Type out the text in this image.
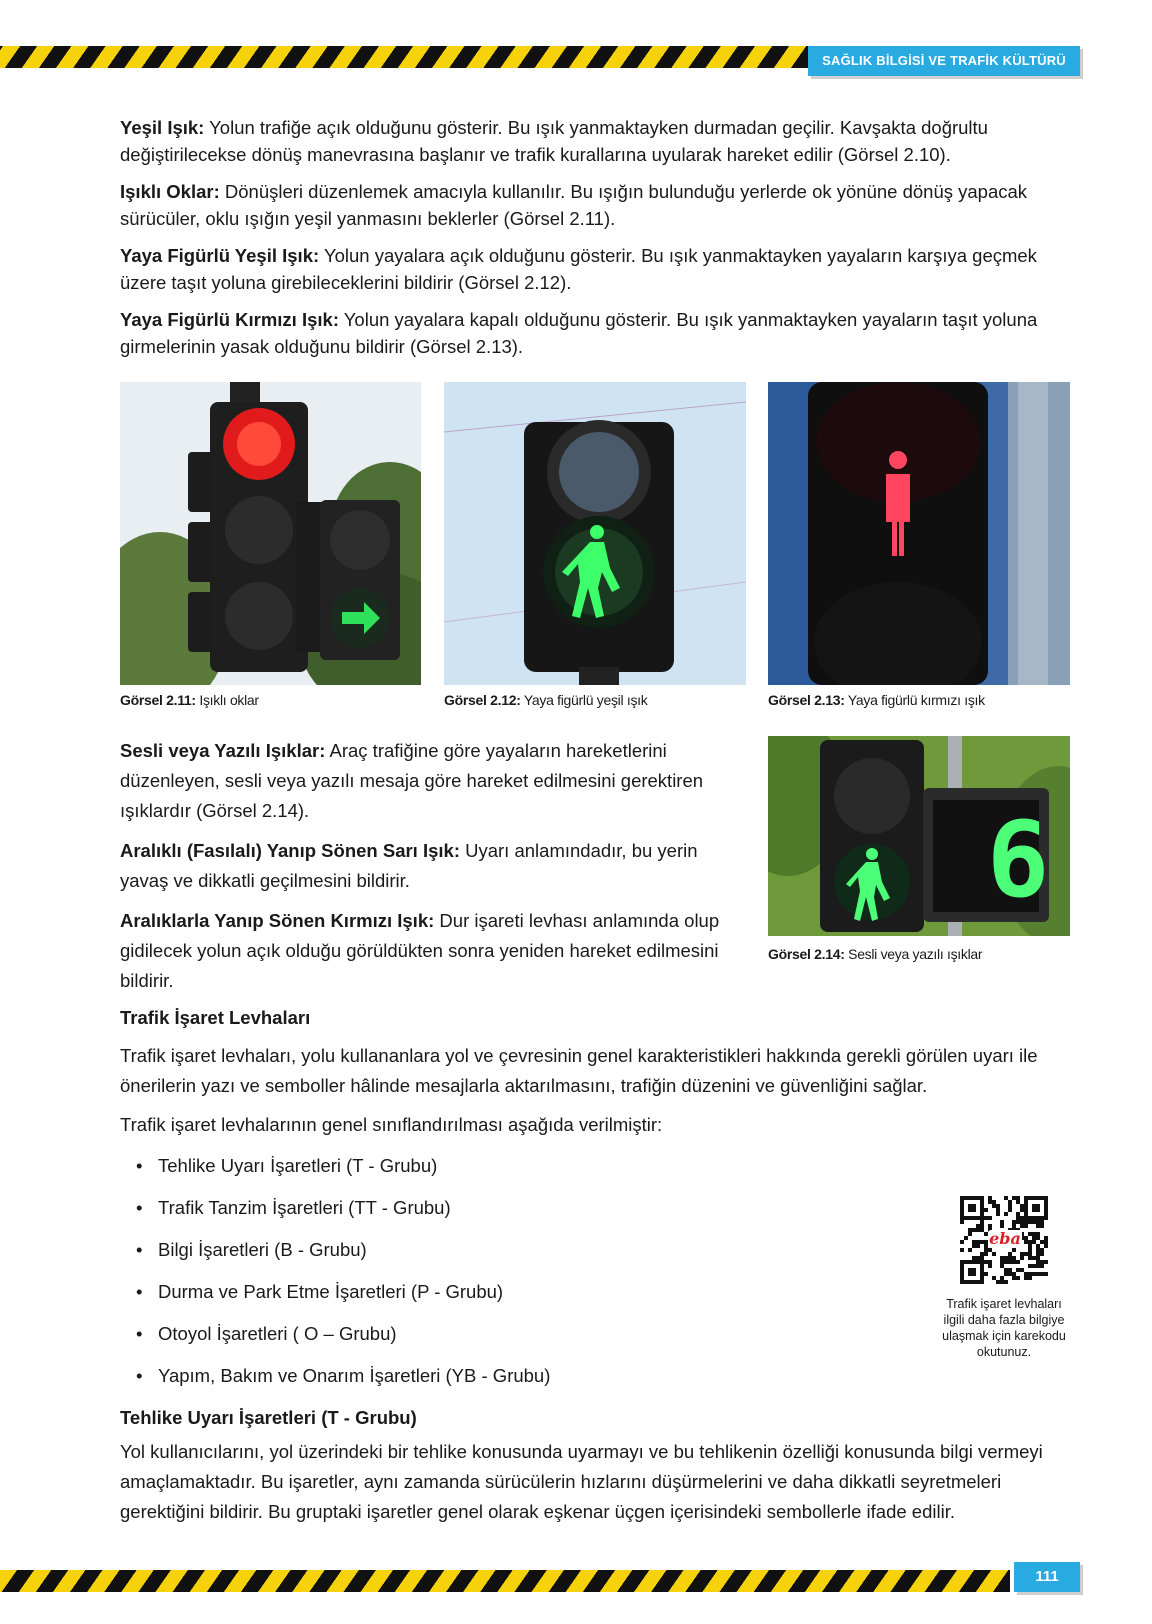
SAĞLIK BİLGİSİ VE TRAFİK KÜLTÜRÜ

Yeşil Işık: Yolun trafiğe açık olduğunu gösterir. Bu ışık yanmaktayken durmadan geçilir. Kavşakta doğrultu değiştirilecekse dönüş manevrasına başlanır ve trafik kurallarına uyularak hareket edilir (Görsel 2.10).

Işıklı Oklar: Dönüşleri düzenlemek amacıyla kullanılır. Bu ışığın bulunduğu yerlerde ok yönüne dönüş yapacak sürücüler, oklu ışığın yeşil yanmasını beklerler (Görsel 2.11).

Yaya Figürlü Yeşil Işık: Yolun yayalara açık olduğunu gösterir. Bu ışık yanmaktayken yayaların karşıya geçmek üzere taşıt yoluna girebileceklerini bildirir (Görsel 2.12).

Yaya Figürlü Kırmızı Işık: Yolun yayalara kapalı olduğunu gösterir. Bu ışık yanmaktayken yayaların taşıt yoluna girmelerinin yasak olduğunu bildirir (Görsel 2.13).

Görsel 2.11: Işıklı oklar	Görsel 2.12: Yaya figürlü yeşil ışık	Görsel 2.13: Yaya figürlü kırmızı ışık

Sesli veya Yazılı Işıklar: Araç trafiğine göre yayaların hareketlerini düzenleyen, sesli veya yazılı mesaja göre hareket edilmesini gerektiren ışıklardır (Görsel 2.14).

Aralıklı (Fasılalı) Yanıp Sönen Sarı Işık: Uyarı anlamındadır, bu yerin yavaş ve dikkatli geçilmesini bildirir.

Aralıklarla Yanıp Sönen Kırmızı Işık: Dur işareti levhası anlamında olup gidilecek yolun açık olduğu görüldükten sonra yeniden hareket edilmesini bildirir.

6
Görsel 2.14: Sesli veya yazılı ışıklar
Trafik İşaret Levhaları

Trafik işaret levhaları, yolu kullananlara yol ve çevresinin genel karakteristikleri hakkında gerekli görülen uyarı ile önerilerin yazı ve semboller hâlinde mesajlarla aktarılmasını, trafiğin düzenini ve güvenliğini sağlar.

Trafik işaret levhalarının genel sınıflandırılması aşağıda verilmiştir:

• Tehlike Uyarı İşaretleri (T - Grubu)
• Trafik Tanzim İşaretleri (TT - Grubu)
• Bilgi İşaretleri (B - Grubu)
• Durma ve Park Etme İşaretleri (P - Grubu)
• Otoyol İşaretleri ( O – Grubu)
• Yapım, Bakım ve Onarım İşaretleri (YB - Grubu)
eba
Trafik işaret levhaları ilgili daha fazla bilgiye ulaşmak için karekodu okutunuz.
Tehlike Uyarı İşaretleri (T - Grubu)

Yol kullanıcılarını, yol üzerindeki bir tehlike konusunda uyarmayı ve bu tehlikenin özelliği konusunda bilgi vermeyi amaçlamaktadır. Bu işaretler, aynı zamanda sürücülerin hızlarını düşürmelerini ve daha dikkatli seyretmeleri gerektiğini bildirir. Bu gruptaki işaretler genel olarak eşkenar üçgen içerisindeki sembollerle ifade edilir.

111
